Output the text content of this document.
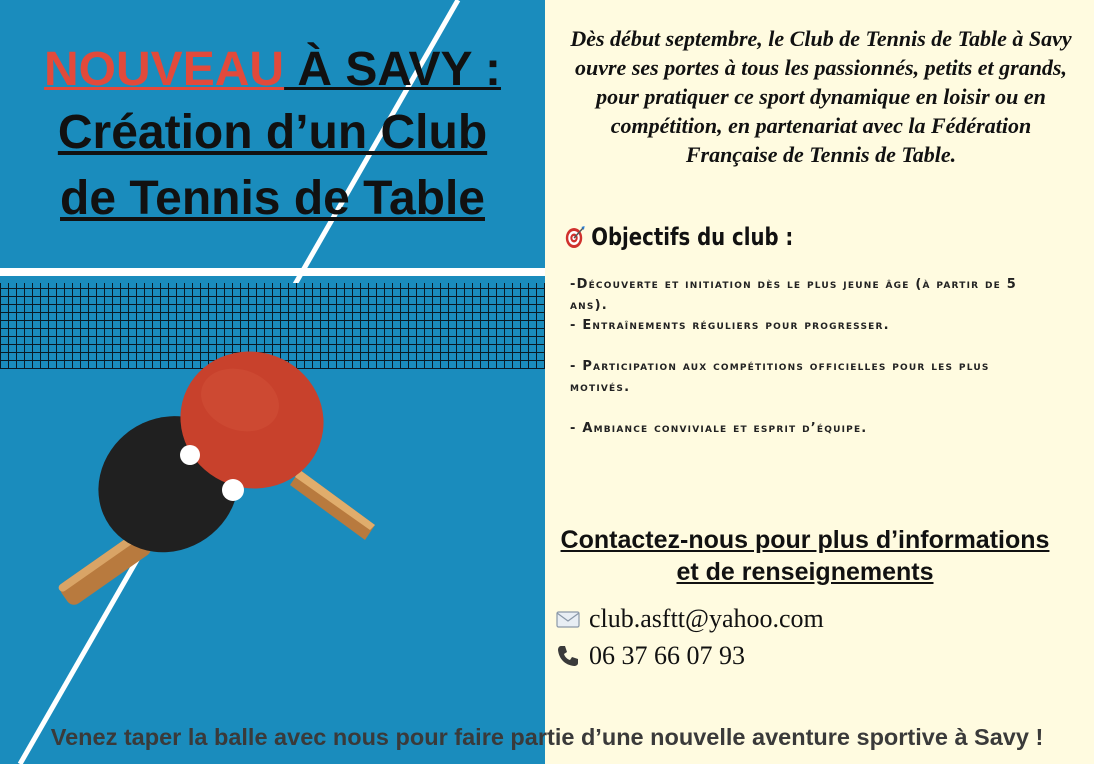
NOUVEAU À SAVY :
Création d’un Club
de Tennis de Table
Dès début septembre, le Club de Tennis de Table à Savy ouvre ses portes à tous les passionnés, petits et grands, pour pratiquer ce sport dynamique en loisir ou en compétition, en partenariat avec la Fédération Française de Tennis de Table.
Objectifs du club :

-Découverte et initiation dès le plus jeune âge (à partir de 5 ans).

- Entraînements réguliers pour progresser.

- Participation aux compétitions officielles pour les plus motivés.

- Ambiance conviviale et esprit d’équipe.

Contactez-nous pour plus d’informations et de renseignements
club.asftt@yahoo.com
06 37 66 07 93
Venez taper la balle avec nous pour faire partie d’une nouvelle aventure sportive à Savy !
